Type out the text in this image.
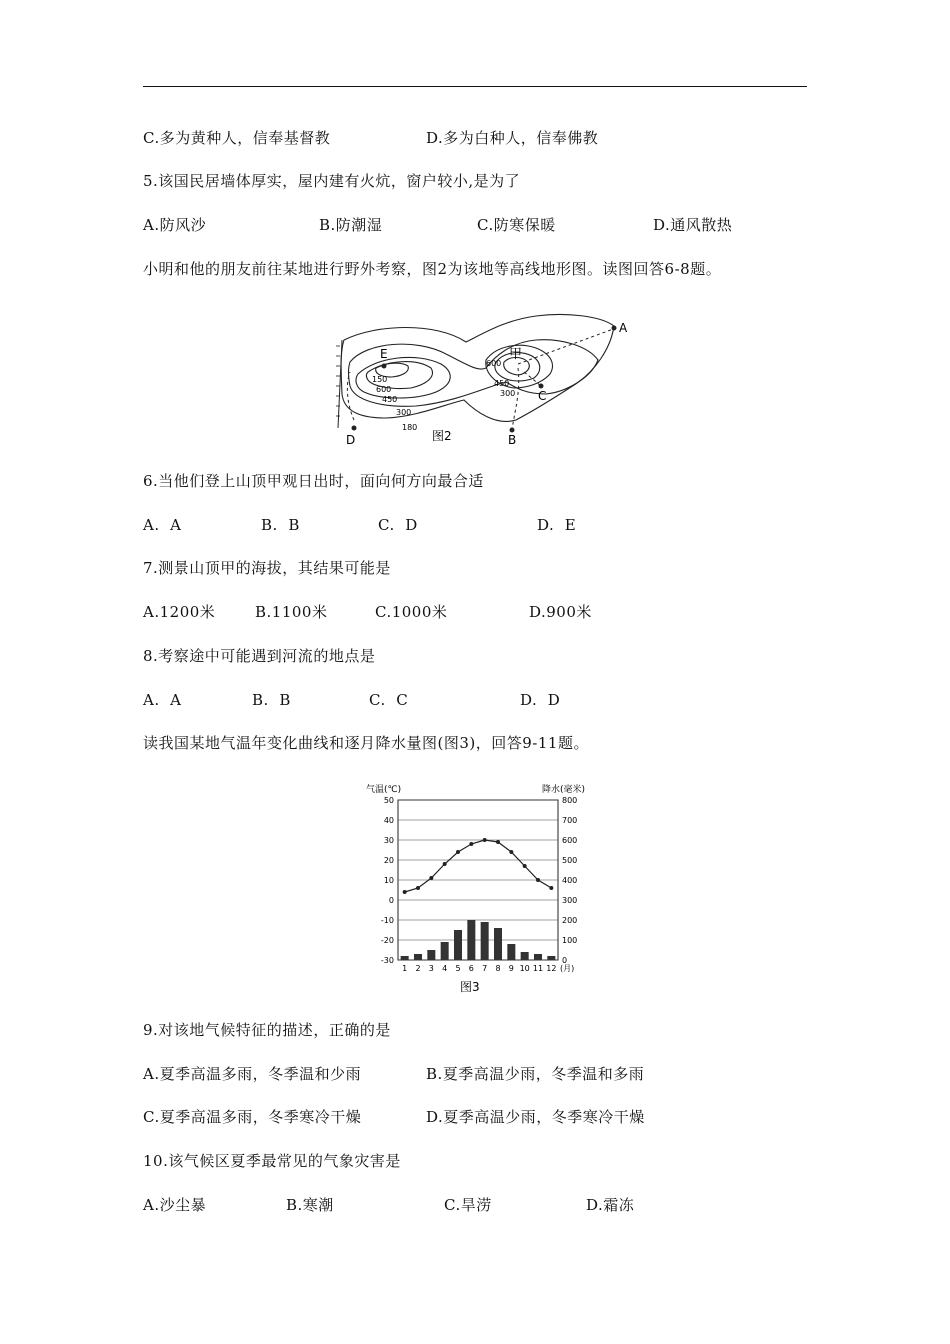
C.多为黄种人，信奉基督教	D.多为白种人，信奉佛教
5.该国民居墙体厚实，屋内建有火炕，窗户较小,是为了
A.防风沙	B.防潮湿	C.防寒保暖	D.通风散热
小明和他的朋友前往某地进行野外考察，图2为该地等高线地形图。读图回答6-8题。
A
B
C
D
E	甲
150
600
450
300
180
600
450
300
图2
6.当他们登上山顶甲观日出时，面向何方向最合适
A.  A	B.  B	C.  D	D.  E
7.测景山顶甲的海拔，其结果可能是
A.1200米	B.1100米	C.1000米	D.900米
8.考察途中可能遇到河流的地点是
A.  A	B.  B	C.  C	D.  D
读我国某地气温年变化曲线和逐月降水量图(图3)，回答9-11题。
气温(℃)	降水(毫米)
50
40
30
20
10
0
-10
-20
-30
800
700
600
500
400
300
200
100
0
1 2 3 4 5 6 7 8 9 10 11 12 (月)
图3
9.对该地气候特征的描述，正确的是
A.夏季高温多雨，冬季温和少雨	B.夏季高温少雨，冬季温和多雨
C.夏季高温多雨，冬季寒冷干燥	D.夏季高温少雨，冬季寒冷干燥
10.该气候区夏季最常见的气象灾害是
A.沙尘暴	B.寒潮	C.旱涝	D.霜冻
